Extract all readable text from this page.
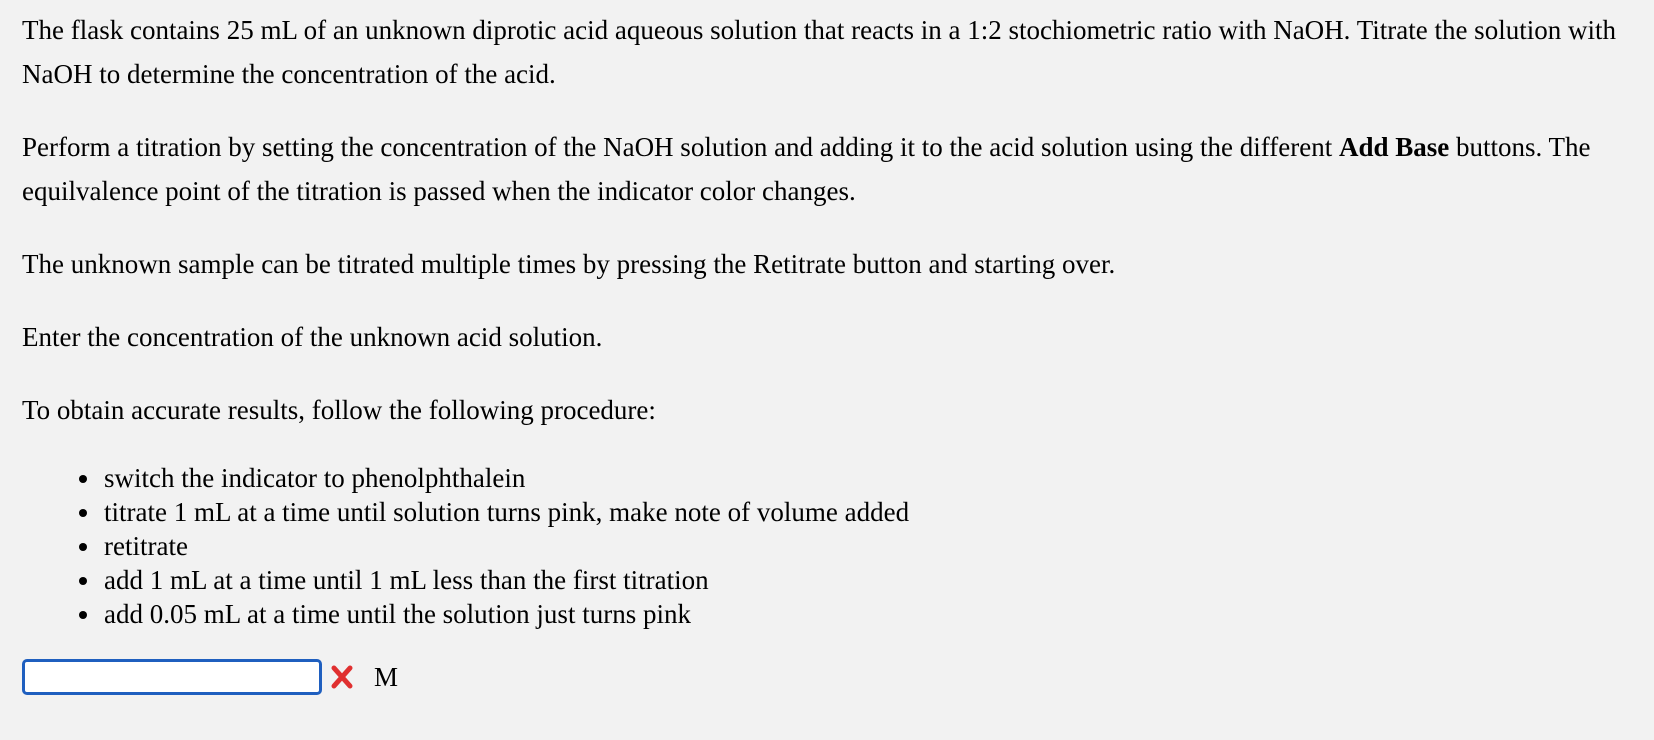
The flask contains 25 mL of an unknown diprotic acid aqueous solution that reacts in a 1:2 stochiometric ratio with NaOH. Titrate the solution with NaOH to determine the concentration of the acid.

Perform a titration by setting the concentration of the NaOH solution and adding it to the acid solution using the different Add Base buttons. The equilvalence point of the titration is passed when the indicator color changes.

The unknown sample can be titrated multiple times by pressing the Retitrate button and starting over.

Enter the concentration of the unknown acid solution.

To obtain accurate results, follow the following procedure:

• switch the indicator to phenolphthalein
• titrate 1 mL at a time until solution turns pink, make note of volume added
• retitrate
• add 1 mL at a time until 1 mL less than the first titration
• add 0.05 mL at a time until the solution just turns pink
M
